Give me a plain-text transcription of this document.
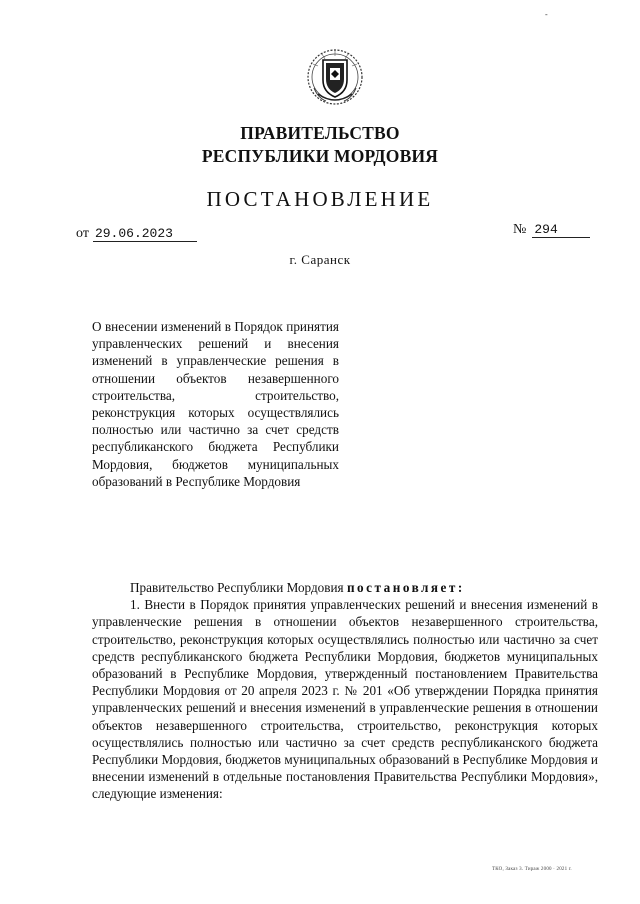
-
ПРАВИТЕЛЬСТВО
РЕСПУБЛИКИ МОРДОВИЯ
ПОСТАНОВЛЕНИЕ
от 29.06.2023	№ 294
г. Саранск

О внесении изменений в Порядок принятия управленческих решений и внесения изменений в управленческие решения в отношении объектов незавершенного строительства, строительство, реконструкция которых осуществлялись полностью или частично за счет средств республиканского бюджета Республики Мордовия, бюджетов муниципальных образований в Республике Мордовия

Правительство Республики Мордовия постановляет:

1. Внести в Порядок принятия управленческих решений и внесения изменений в управленческие решения в отношении объектов незавершенного строительства, строительство, реконструкция которых осуществлялись полностью или частично за счет средств республиканского бюджета Республики Мордовия, бюджетов муниципальных образований в Республике Мордовия, утвержденный постановлением Правительства Республики Мордовия от 20 апреля 2023 г. № 201 «Об утверждении Порядка принятия управленческих решений и внесения изменений в управленческие решения в отношении объектов незавершенного строительства, строительство, реконструкция которых осуществлялись полностью или частично за счет средств республиканского бюджета Республики Мордовия, бюджетов муниципальных образований в Республике Мордовия и внесении изменений в отдельные постановления Правительства Республики Мордовия», следующие изменения:

ТКО, Заказ 3. Тираж 2000 · 2021 г.
